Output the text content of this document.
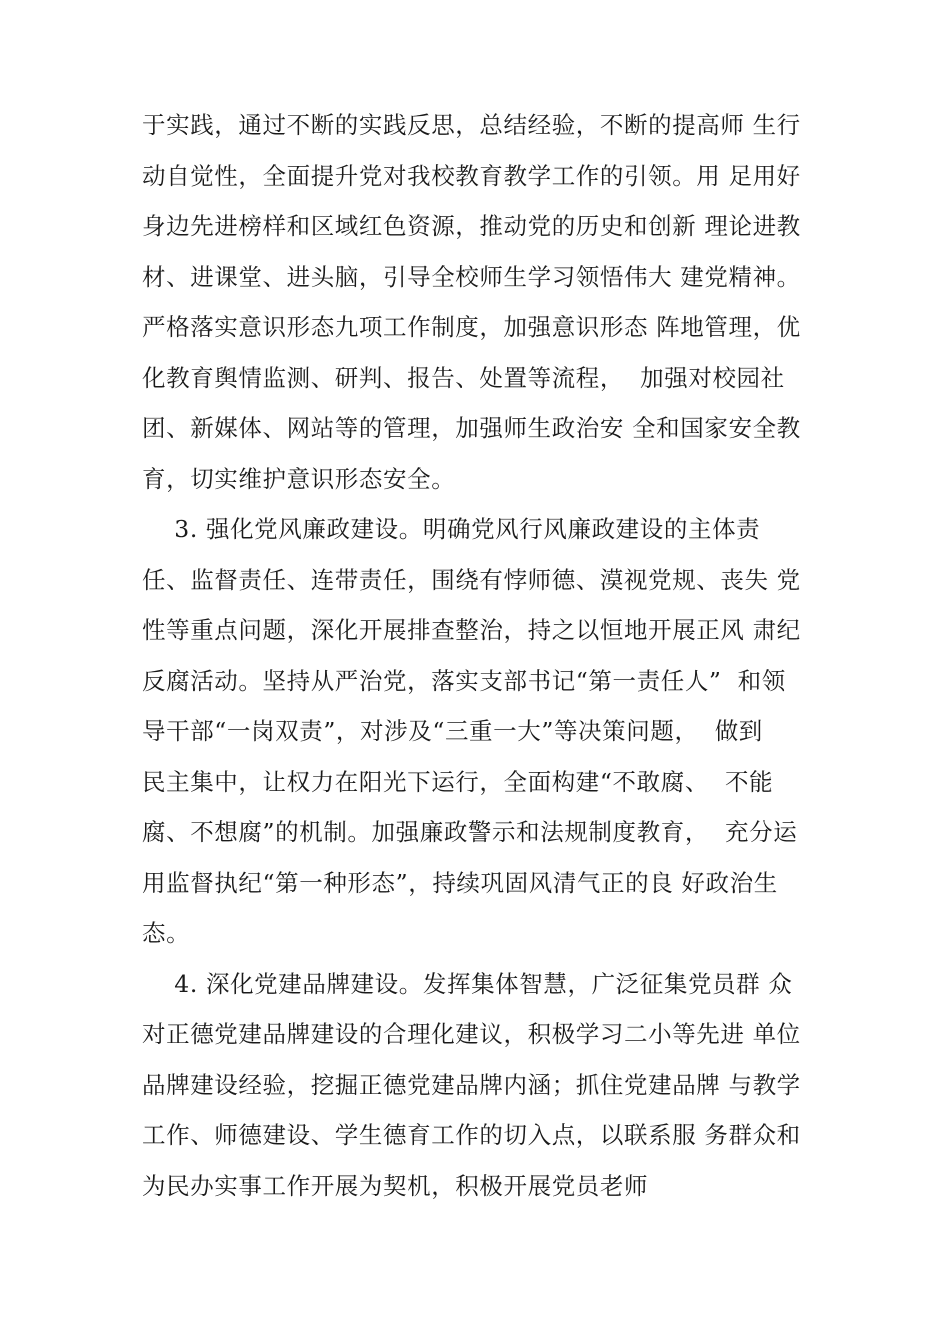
于实践，通过不断的实践反思，总结经验，不断的提高师 生行
动自觉性，全面提升党对我校教育教学工作的引领。用 足用好
身边先进榜样和区域红色资源，推动党的历史和创新 理论进教
材、进课堂、进头脑，引导全校师生学习领悟伟大 建党精神。
严格落实意识形态九项工作制度，加强意识形态 阵地管理，优
化教育舆情监测、研判、报告、处置等流程，  加强对校园社
团、新媒体、网站等的管理，加强师生政治安 全和国家安全教
育，切实维护意识形态安全。
3. 强化党风廉政建设。明确党风行风廉政建设的主体责
任、监督责任、连带责任，围绕有悖师德、漠视党规、丧失 党
性等重点问题，深化开展排查整治，持之以恒地开展正风 肃纪
反腐活动。坚持从严治党，落实支部书记“第一责任人”  和领
导干部“一岗双责”，对涉及“三重一大”等决策问题，  做到
民主集中，让权力在阳光下运行，全面构建“不敢腐、  不能
腐、不想腐”的机制。加强廉政警示和法规制度教育，  充分运
用监督执纪“第一种形态”，持续巩固风清气正的良 好政治生
态。
4. 深化党建品牌建设。发挥集体智慧，广泛征集党员群 众
对正德党建品牌建设的合理化建议，积极学习二小等先进 单位
品牌建设经验，挖掘正德党建品牌内涵；抓住党建品牌 与教学
工作、师德建设、学生德育工作的切入点，以联系服 务群众和
为民办实事工作开展为契机，积极开展党员老师
